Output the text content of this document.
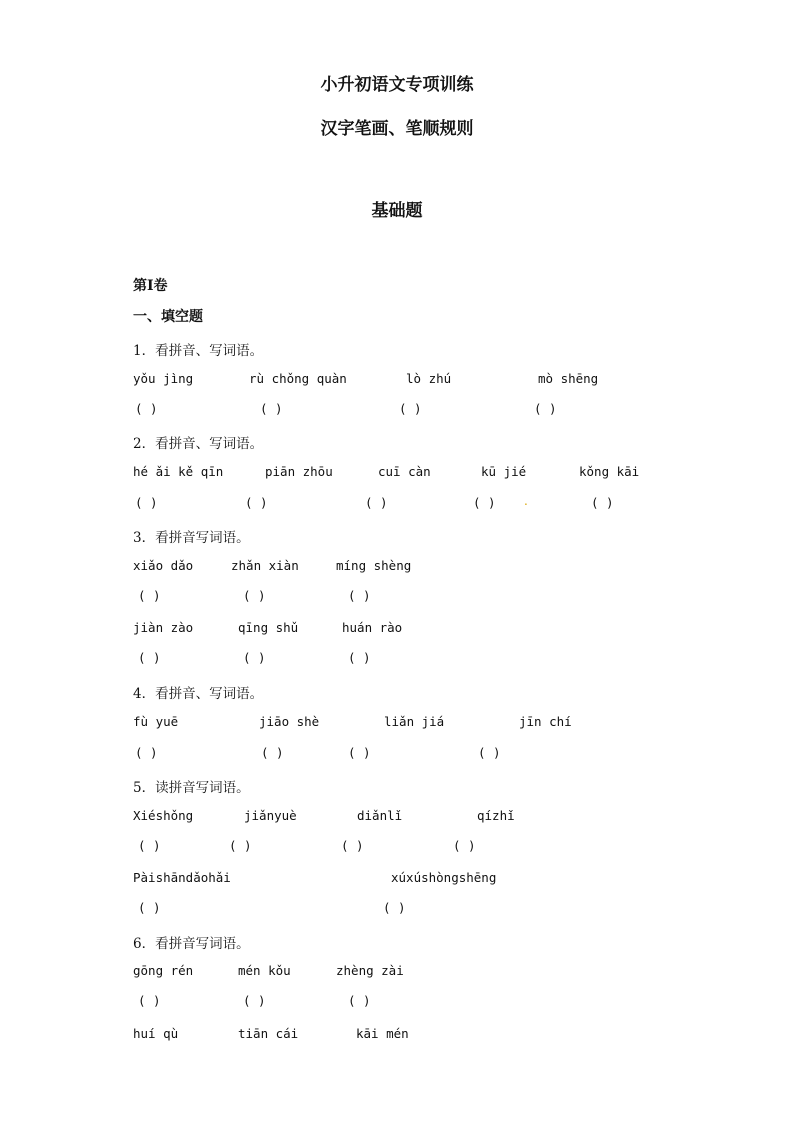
小升初语文专项训练
汉字笔画、笔顺规则
基础题
第I卷
一、填空题
1．看拼音、写词语。
yǒu jìng	rù chǒng quàn	lò zhú	mò shēng
( )	( )	( )	( )
2．看拼音、写词语。
hé ǎi kě qīn	piān zhōu	cuī càn	kū jié	kǒng kāi
( )	( )	( )	( )	( )
.
3．看拼音写词语。
xiǎo dǎo	zhǎn xiàn	míng shèng
( )	( )	( )
jiàn zào	qīng shǔ	huán rào
( )	( )	( )
4．看拼音、写词语。
fù yuē	jiāo shè	liǎn jiá	jīn chí
( )	( )	( )	( )
5．读拼音写词语。
Xiéshǒng	jiǎnyuè	diǎnlǐ	qízhǐ
( )	( )	( )	( )
Pàishāndǎohǎi	xúxúshòngshēng
( )	( )
6．看拼音写词语。
gōng rén	mén kǒu	zhèng zài
( )	( )	( )
huí qù	tiān cái	kāi mén
